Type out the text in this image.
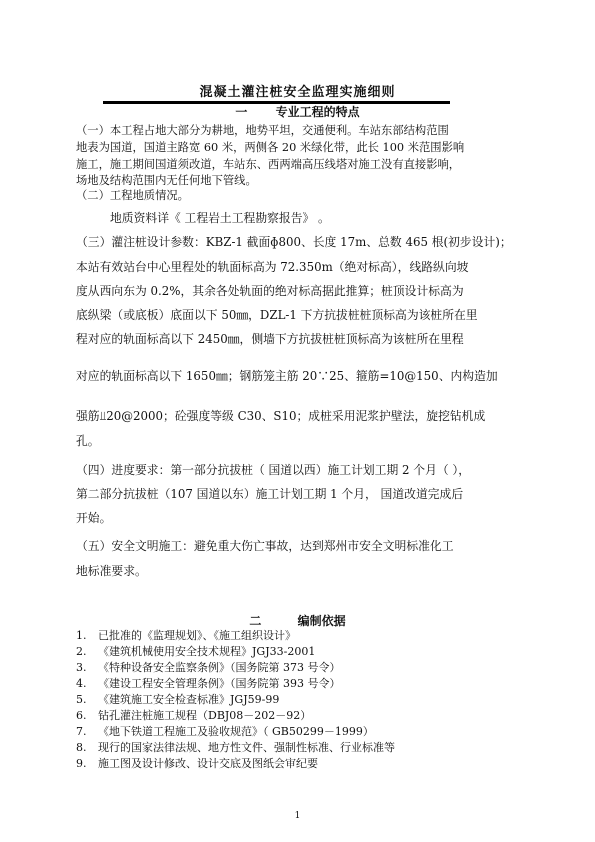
混凝土灌注桩安全监理实施细则
一 专业工程的特点
（一）本工程占地大部分为耕地，地势平坦，交通便利。车站东部结构范围
地表为国道，国道主路宽 60 米，两侧各 20 米绿化带，此长 100 米范围影响
施工，施工期间国道须改道，车站东、西两端高压线塔对施工没有直接影响，
场地及结构范围内无任何地下管线。
（二）工程地质情况。
地质资料详《 工程岩土工程勘察报告》 。
（三）灌注桩设计参数：KBZ-1 截面ɸ800、长度 17m、总数 465 根(初步设计)；
本站有效站台中心里程处的轨面标高为 72.350m（绝对标高），线路纵向坡
度从西向东为 0.2%，其余各处轨面的绝对标高据此推算；桩顶设计标高为
底纵梁（或底板）底面以下 50㎜，DZL-1 下方抗拔桩桩顶标高为该桩所在里
程对应的轨面标高以下 2450㎜，侧墙下方抗拔桩桩顶标高为该桩所在里程
对应的轨面标高以下 1650㎜；钢筋笼主筋 20∵25、箍筋=10@150、内构造加
强筋⫫20@2000；砼强度等级 C30、S10；成桩采用泥浆护壁法，旋挖钻机成
孔。
（四）进度要求：第一部分抗拔桩（ 国道以西）施工计划工期 2 个月（ ），
第二部分抗拔桩（107 国道以东）施工计划工期 1 个月， 国道改道完成后
开始。
（五）安全文明施工：避免重大伤亡事故，达到郑州市安全文明标准化工
地标准要求。
二 编制依据
1. 已批准的《监理规划》、《施工组织设计》
2. 《建筑机械使用安全技术规程》JGJ33-2001
3. 《特种设备安全监察条例》（国务院第 373 号令）
4. 《建设工程安全管理条例》（国务院第 393 号令）
5. 《建筑施工安全检查标准》JGJ59-99
6. 钻孔灌注桩施工规程（DBJ08－202－92）
7. 《地下铁道工程施工及验收规范》（ GB50299－1999）
8. 现行的国家法律法规、地方性文件、强制性标准、行业标准等
9. 施工图及设计修改、设计交底及图纸会审纪要
1
